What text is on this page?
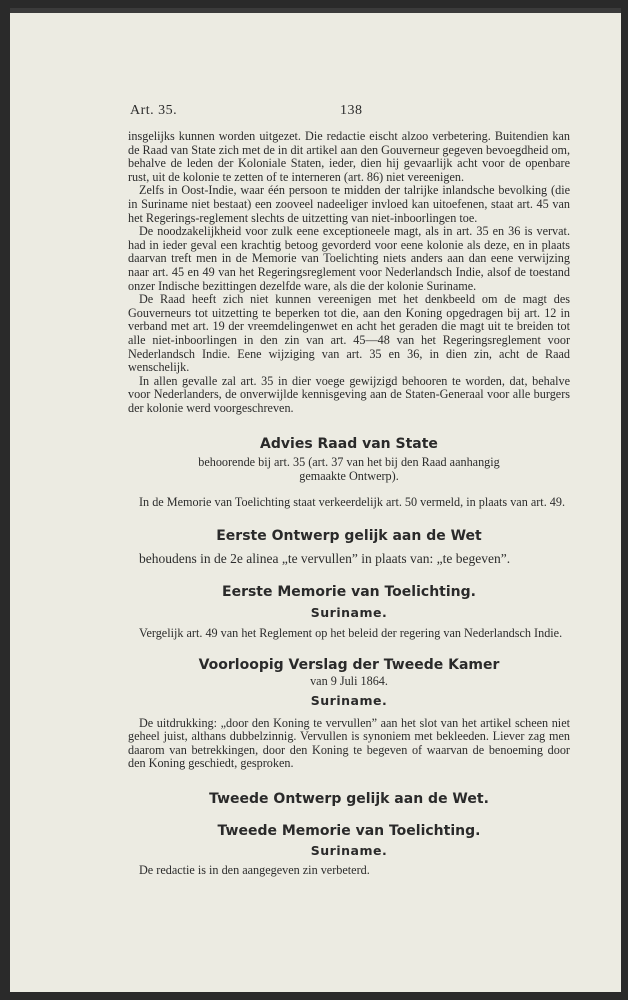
Art. 35.	138

insgelijks kunnen worden uitgezet. Die redactie eischt alzoo verbetering. Buitendien kan de Raad van State zich met de in dit artikel aan den Gouverneur gegeven bevoegdheid om, behalve de leden der Koloniale Staten, ieder, dien hij gevaarlijk acht voor de openbare rust, uit de kolonie te zetten of te interneren (art. 86) niet vereenigen.

Zelfs in Oost-Indie, waar één persoon te midden der talrijke inlandsche bevolking (die in Suriname niet bestaat) een zooveel nadeeliger invloed kan uitoefenen, staat art. 45 van het Regerings-reglement slechts de uitzetting van niet-inboorlingen toe.

De noodzakelijkheid voor zulk eene exceptioneele magt, als in art. 35 en 36 is vervat. had in ieder geval een krachtig betoog gevorderd voor eene kolonie als deze, en in plaats daarvan treft men in de Memorie van Toelichting niets anders aan dan eene verwijzing naar art. 45 en 49 van het Regeringsreglement voor Nederlandsch Indie, alsof de toestand onzer Indische bezittingen dezelfde ware, als die der kolonie Suriname.

De Raad heeft zich niet kunnen vereenigen met het denkbeeld om de magt des Gouverneurs tot uitzetting te beperken tot die, aan den Koning opgedragen bij art. 12 in verband met art. 19 der vreemdelingenwet en acht het geraden die magt uit te breiden tot alle niet-inboorlingen in den zin van art. 45—48 van het Regeringsreglement voor Nederlandsch Indie. Eene wijziging van art. 35 en 36, in dien zin, acht de Raad wenschelijk.

In allen gevalle zal art. 35 in dier voege gewijzigd behooren te worden, dat, behalve voor Nederlanders, de onverwijlde kennisgeving aan de Staten-Generaal voor alle burgers der kolonie werd voorgeschreven.

Advies Raad van State

behoorende bij art. 35 (art. 37 van het bij den Raad aanhangig gemaakte Ontwerp).

In de Memorie van Toelichting staat verkeerdelijk art. 50 vermeld, in plaats van art. 49.

Eerste Ontwerp gelijk aan de Wet

behoudens in de 2e alinea „te vervullen” in plaats van: „te begeven”.

Eerste Memorie van Toelichting.
Suriname.

Vergelijk art. 49 van het Reglement op het beleid der regering van Nederlandsch Indie.

Voorloopig Verslag der Tweede Kamer

van 9 Juli 1864.

Suriname.

De uitdrukking: „door den Koning te vervullen” aan het slot van het artikel scheen niet geheel juist, althans dubbelzinnig. Vervullen is synoniem met bekleeden. Liever zag men daarom van betrekkingen, door den Koning te begeven of waarvan de benoeming door den Koning geschiedt, gesproken.

Tweede Ontwerp gelijk aan de Wet.
Tweede Memorie van Toelichting.
Suriname.

De redactie is in den aangegeven zin verbeterd.
